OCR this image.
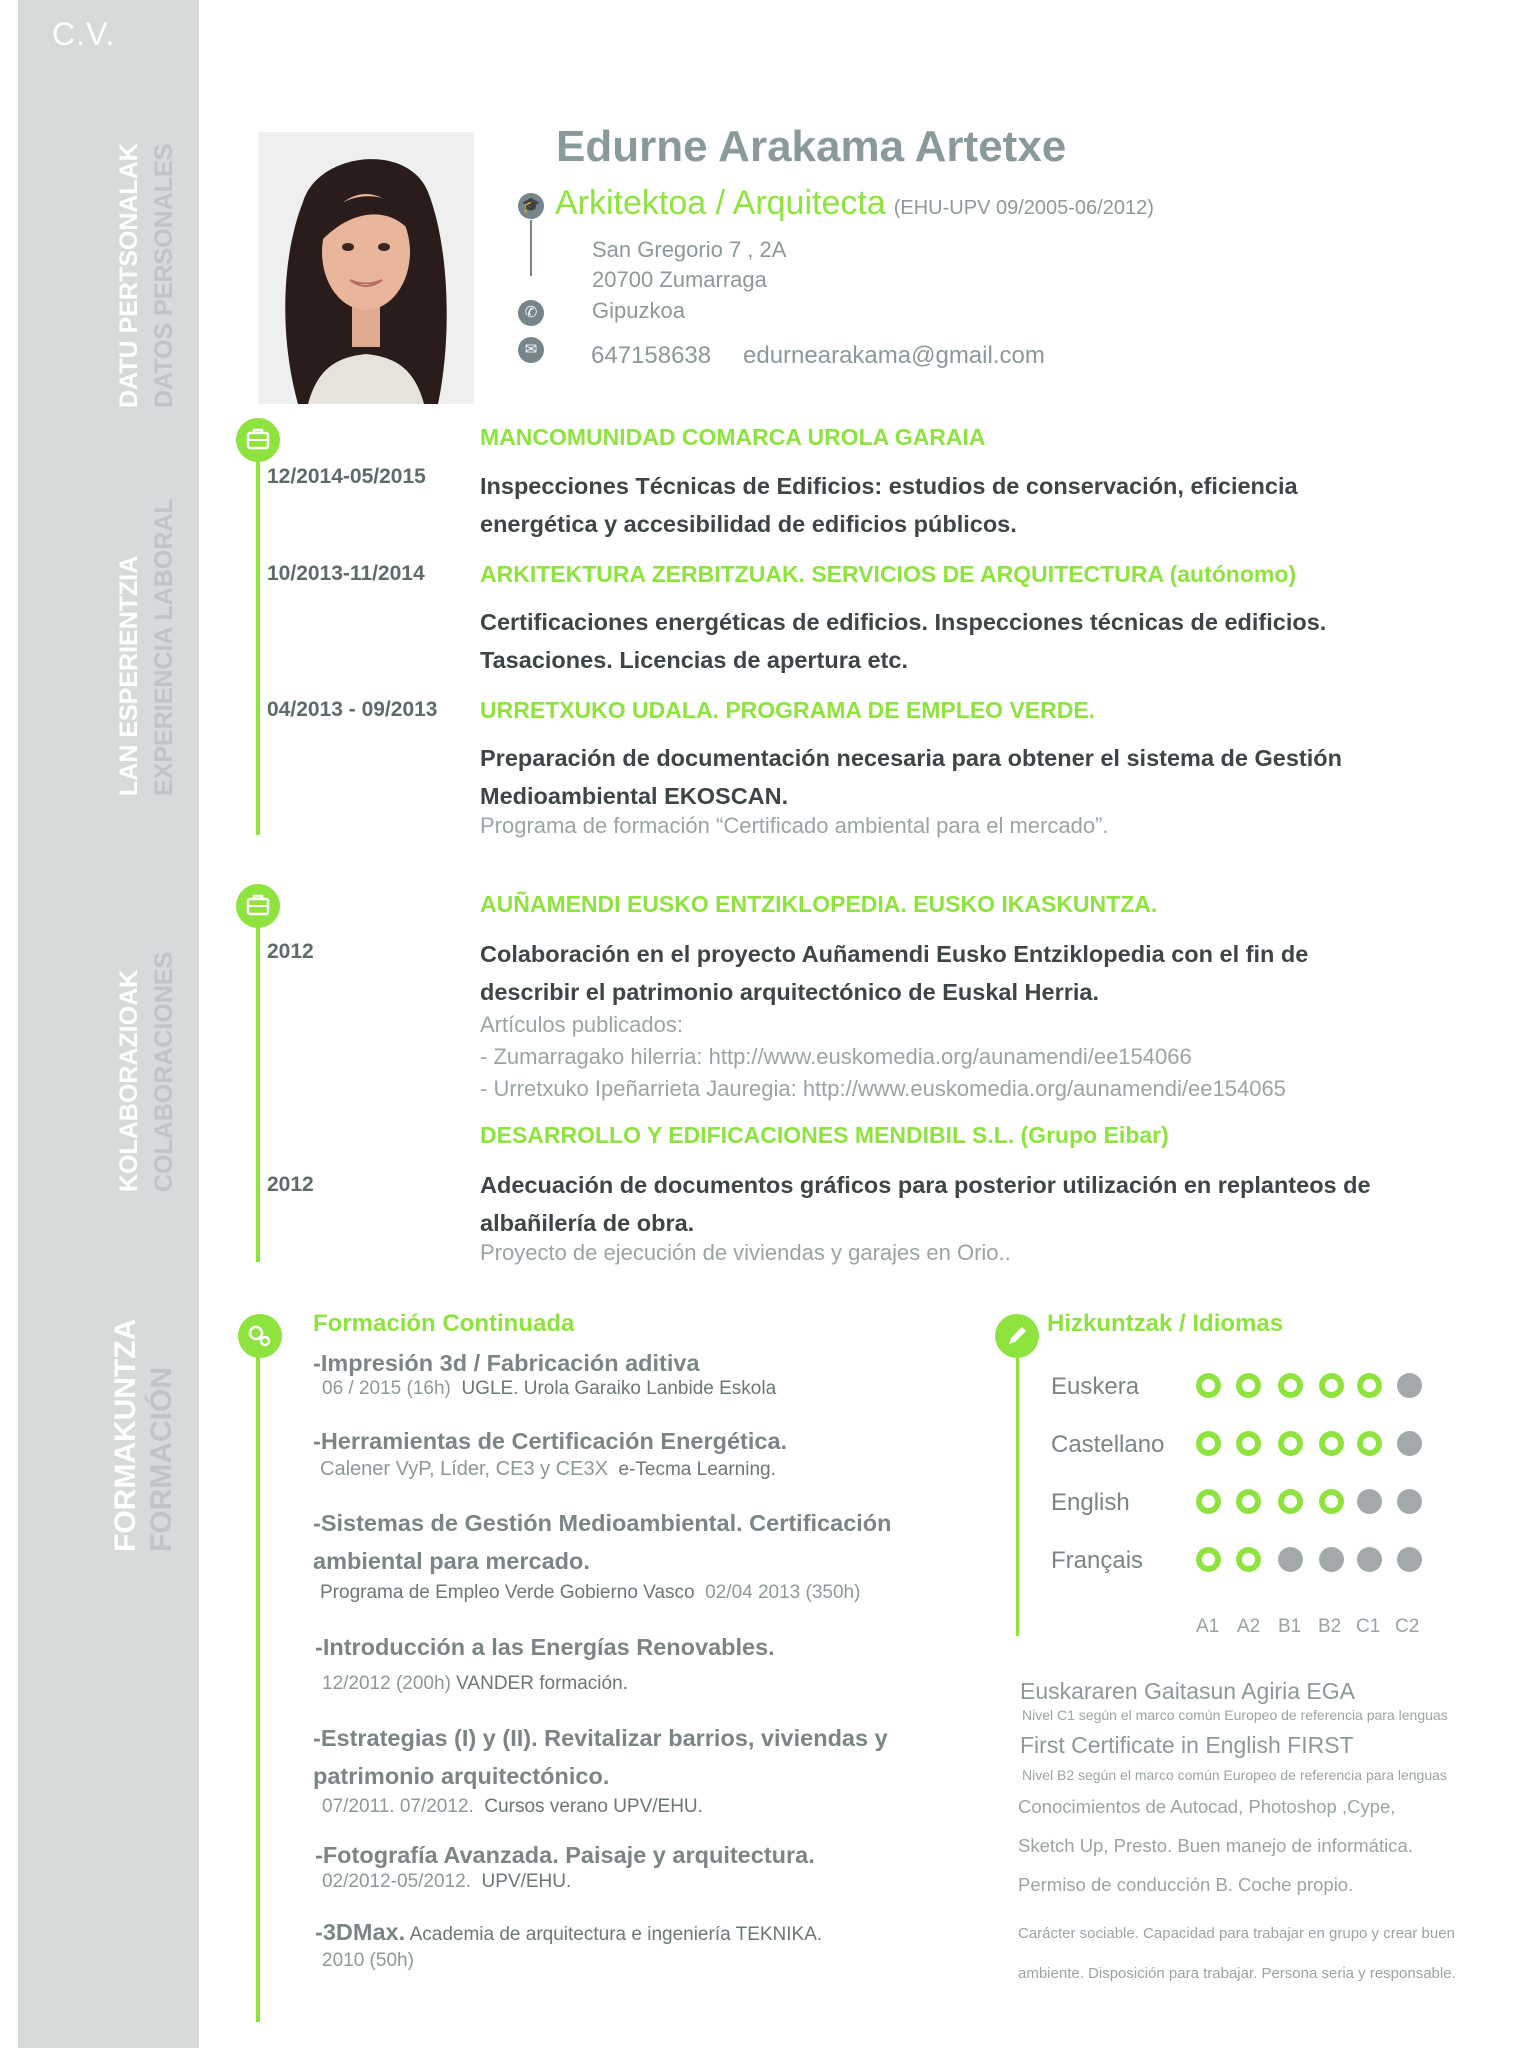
C.V.
DATU PERTSONALAK DATOS PERSONALES
LAN ESPERIENTZIA EXPERIENCIA LABORAL
KOLABORAZIOAK COLABORACIONES
FORMAKUNTZA FORMACIÓN
Edurne Arakama Artetxe
🎓 Arkitektoa / Arquitecta (EHU-UPV 09/2005-06/2012)
San Gregorio 7 , 2A
20700 Zumarraga
✆	Gipuzkoa
✉ 647158638 edurnearakama@gmail.com
MANCOMUNIDAD COMARCA UROLA GARAIA
12/2014-05/2015 Inspecciones Técnicas de Edificios: estudios de conservación, eficiencia
energética y accesibilidad de edificios públicos.
10/2013-11/2014 ARKITEKTURA ZERBITZUAK. SERVICIOS DE ARQUITECTURA (autónomo)
Certificaciones energéticas de edificios. Inspecciones técnicas de edificios.
Tasaciones. Licencias de apertura etc.
04/2013 - 09/2013 URRETXUKO UDALA. PROGRAMA DE EMPLEO VERDE.
Preparación de documentación necesaria para obtener el sistema de Gestión
Medioambiental EKOSCAN.
Programa de formación “Certificado ambiental para el mercado”.
AUÑAMENDI EUSKO ENTZIKLOPEDIA. EUSKO IKASKUNTZA.
2012	Colaboración en el proyecto Auñamendi Eusko Entziklopedia con el fin de
describir el patrimonio arquitectónico de Euskal Herria.
Artículos publicados:
- Zumarragako hilerria: http://www.euskomedia.org/aunamendi/ee154066
- Urretxuko Ipeñarrieta Jauregia: http://www.euskomedia.org/aunamendi/ee154065
DESARROLLO Y EDIFICACIONES MENDIBIL S.L. (Grupo Eibar)
2012	Adecuación de documentos gráficos para posterior utilización en replanteos de
albañilería de obra.
Proyecto de ejecución de viviendas y garajes en Orio..
Formación Continuada
-Impresión 3d / Fabricación aditiva
06 / 2015 (16h) UGLE. Urola Garaiko Lanbide Eskola
-Herramientas de Certificación Energética.
Calener VyP, Líder, CE3 y CE3X e-Tecma Learning.
-Sistemas de Gestión Medioambiental. Certificación
ambiental para mercado.
Programa de Empleo Verde Gobierno Vasco 02/04 2013 (350h)
-Introducción a las Energías Renovables.
12/2012 (200h) VANDER formación.
-Estrategias (I) y (II). Revitalizar barrios, viviendas y
patrimonio arquitectónico.
07/2011. 07/2012. Cursos verano UPV/EHU.
-Fotografía Avanzada. Paisaje y arquitectura.
02/2012-05/2012. UPV/EHU.
-3DMax. Academia de arquitectura e ingeniería TEKNIKA.
2010 (50h)
Hizkuntzak / Idiomas
Euskera
Castellano
English
Français
A1 A2 B1 B2 C1 C2
Euskararen Gaitasun Agiria EGA
Nivel C1 según el marco común Europeo de referencia para lenguas
First Certificate in English FIRST
Nivel B2 según el marco común Europeo de referencia para lenguas
Conocimientos de Autocad, Photoshop ,Cype,
Sketch Up, Presto. Buen manejo de informática.
Permiso de conducción B. Coche propio.
Carácter sociable. Capacidad para trabajar en grupo y crear buen
ambiente. Disposición para trabajar. Persona seria y responsable.
